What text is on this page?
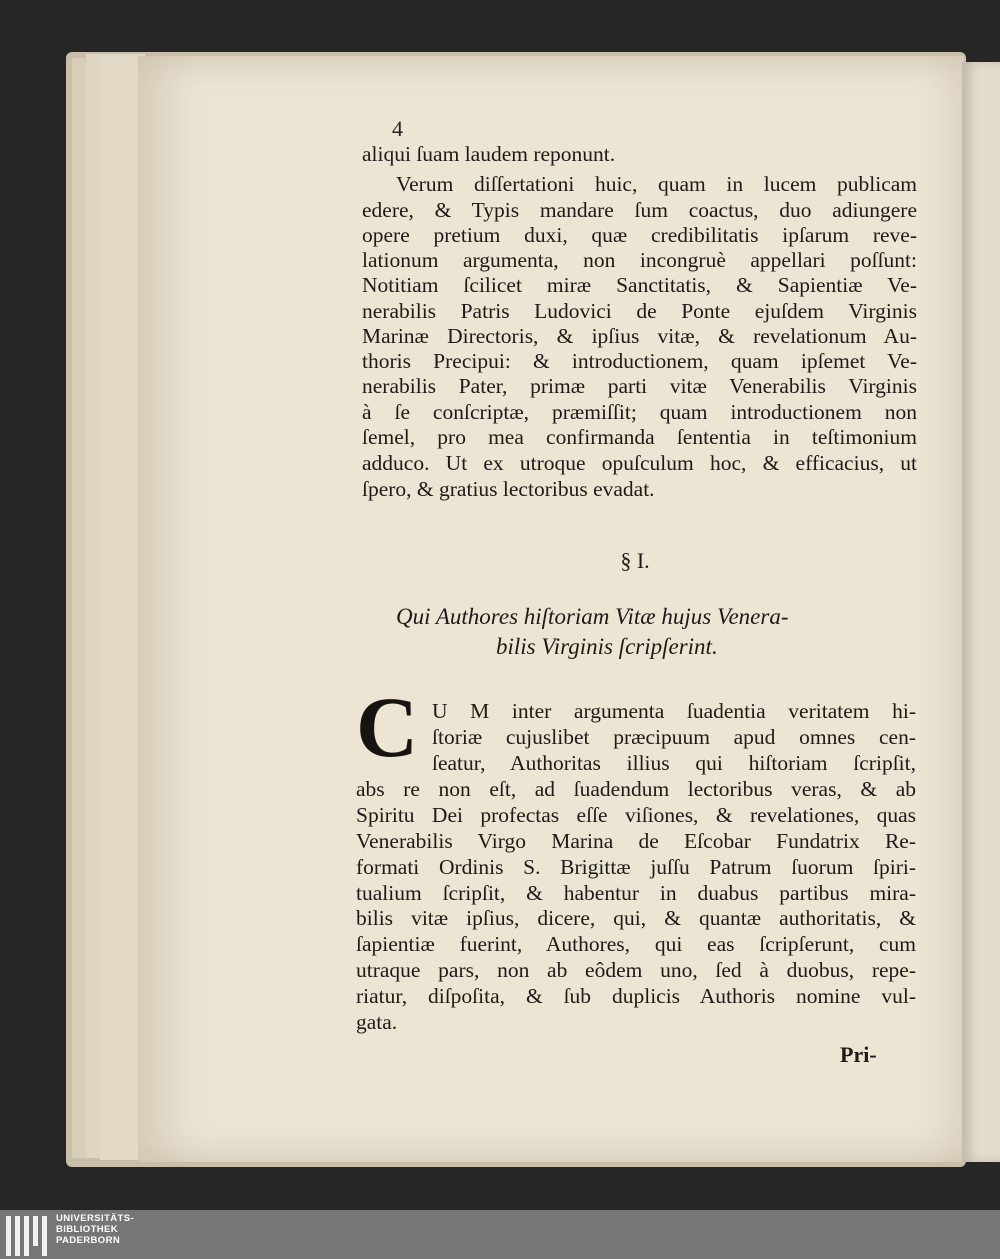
4
aliqui ſuam laudem reponunt.
Verum diſſertationi huic, quam in lucem publicam
edere, & Typis mandare ſum coactus, duo adiungere
opere pretium duxi, quæ credibilitatis ipſarum reve-
lationum argumenta, non incongruè appellari poſſunt:
Notitiam ſcilicet miræ Sanctitatis, & Sapientiæ Ve-
nerabilis Patris Ludovici de Ponte ejuſdem Virginis
Marinæ Directoris, & ipſius vitæ, & revelationum Au-
thoris Precipui: & introductionem, quam ipſemet Ve-
nerabilis Pater, primæ parti vitæ Venerabilis Virginis
à ſe conſcriptæ, præmiſſit; quam introductionem non
ſemel, pro mea confirmanda ſententia in teſtimonium
adduco. Ut ex utroque opuſculum hoc, & efficacius, ut
ſpero, & gratius lectoribus evadat.
§ I.
Qui Authores hiſtoriam Vitæ hujus Venera-
bilis Virginis ſcripſerint.
C U M inter argumenta ſuadentia veritatem hi-
ſtoriæ cujuslibet præcipuum apud omnes cen-
ſeatur, Authoritas illius qui hiſtoriam ſcripſit,
abs re non eſt, ad ſuadendum lectoribus veras, & ab
Spiritu Dei profectas eſſe viſiones, & revelationes, quas
Venerabilis Virgo Marina de Eſcobar Fundatrix Re-
formati Ordinis S. Brigittæ juſſu Patrum ſuorum ſpiri-
tualium ſcripſit, & habentur in duabus partibus mira-
bilis vitæ ipſius, dicere, qui, & quantæ authoritatis, &
ſapientiæ fuerint, Authores, qui eas ſcripſerunt, cum
utraque pars, non ab eôdem uno, ſed à duobus, repe-
riatur, diſpoſita, & ſub duplicis Authoris nomine vul-
gata.
Pri-
UNIVERSITÄTS-
BIBLIOTHEK
PADERBORN
